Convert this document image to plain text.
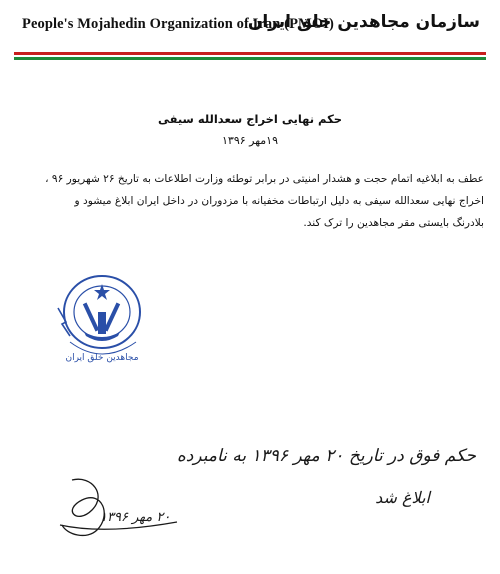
People's Mojahedin Organization of Iran (PMOI)
سازمان مجاهدین خلق ایران
حکم نهایی اخراج سعدالله سیفی
۱۹مهر ۱۳۹۶

عطف به ابلاغیه اتمام حجت و هشدار امنیتی در برابر توطئه وزارت اطلاعات به تاریخ ۲۶ شهریور ۹۶ ،

اخراج نهایی سعدالله سیفی به دلیل ارتباطات مخفیانه با مزدوران در داخل ایران ابلاغ میشود و

بلادرنگ بایستی مقر مجاهدین را ترک کند.

مجاهدین خلق ایران
حکم فوق در تاریخ ۲۰ مهر ۱۳۹۶ به نامبرده
ابلاغ شد
۲۰ مهر ۱۳۹۶
